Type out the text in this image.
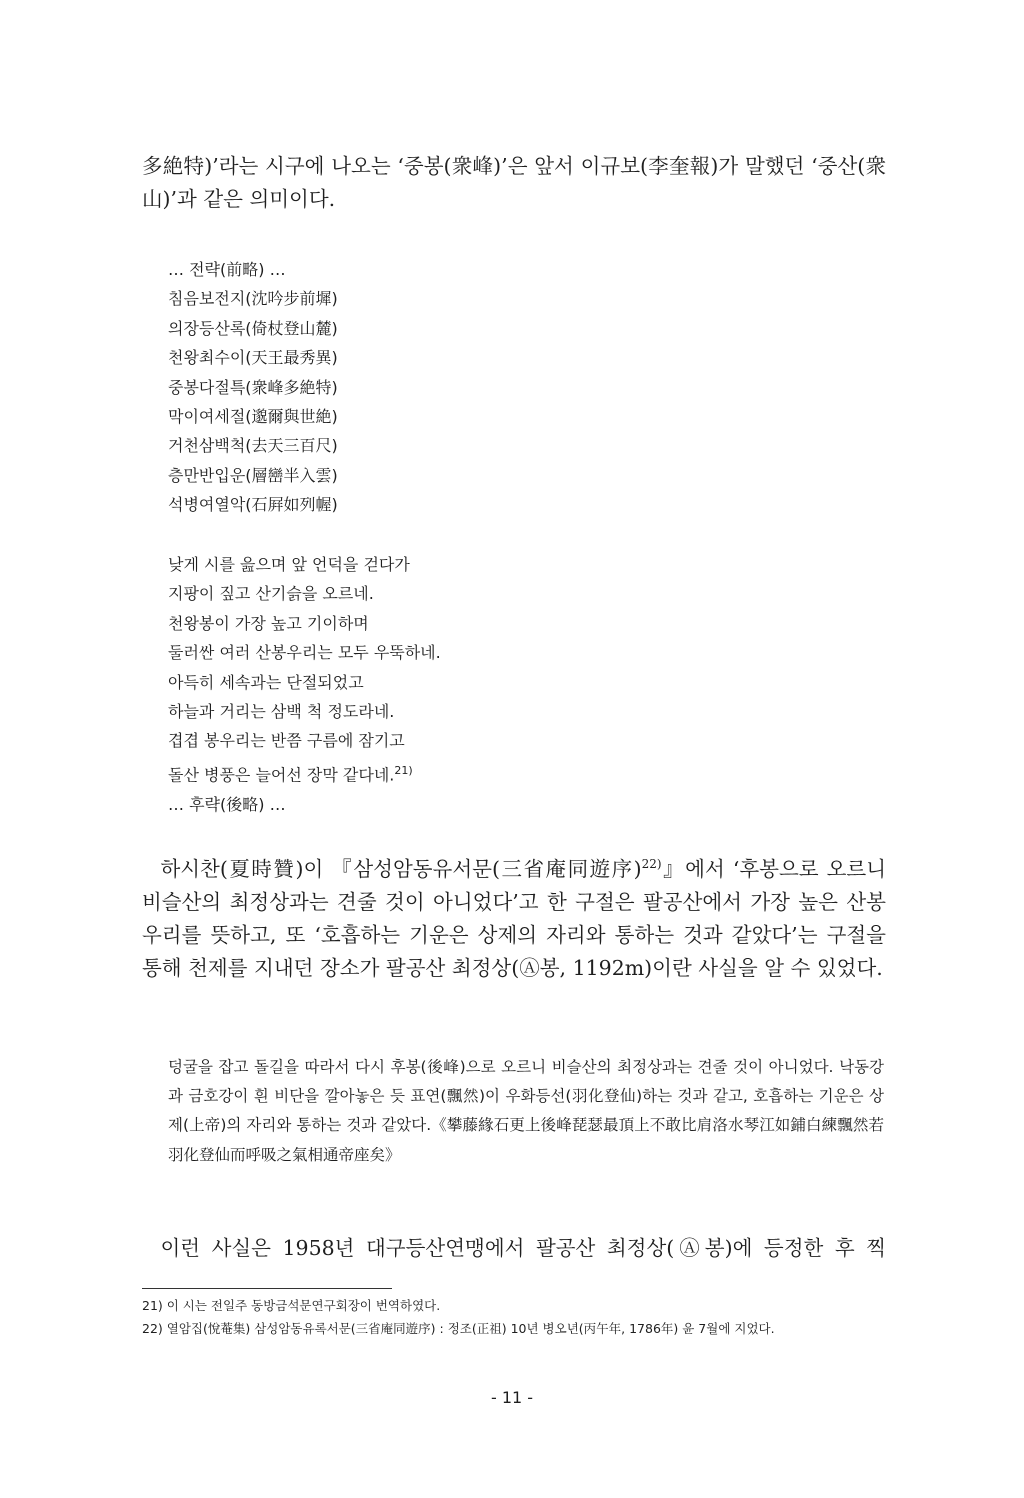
多絶特)’라는 시구에 나오는 ‘중봉(衆峰)’은 앞서 이규보(李奎報)가 말했던 ‘중산(衆山)’과 같은 의미이다.

… 전략(前略) …
침음보전지(沈吟步前墀)
의장등산록(倚杖登山麓)
천왕최수이(天王最秀異)
중봉다절특(衆峰多絶特)
막이여세절(邈爾與世絶)
거천삼백척(去天三百尺)
층만반입운(層巒半入雲)
석병여열악(石屛如列幄)
낮게 시를 읊으며 앞 언덕을 걷다가
지팡이 짚고 산기슭을 오르네.
천왕봉이 가장 높고 기이하며
둘러싼 여러 산봉우리는 모두 우뚝하네.
아득히 세속과는 단절되었고
하늘과 거리는 삼백 척 정도라네.
겹겹 봉우리는 반쯤 구름에 잠기고
돌산 병풍은 늘어선 장막 같다네.$^{21)}$
… 후략(後略) …

하시찬(夏時贊)이 『삼성암동유서문(三省庵同遊序)$^{22)}$』에서 ‘후봉으로 오르니 비슬산의 최정상과는 견줄 것이 아니었다’고 한 구절은 팔공산에서 가장 높은 산봉우리를 뜻하고, 또 ‘호흡하는 기운은 상제의 자리와 통하는 것과 같았다’는 구절을 통해 천제를 지내던 장소가 팔공산 최정상(Ⓐ봉, 1192m)이란 사실을 알 수 있었다.

덩굴을 잡고 돌길을 따라서 다시 후봉(後峰)으로 오르니 비슬산의 최정상과는 견줄 것이 아니었다. 낙동강과 금호강이 흰 비단을 깔아놓은 듯 표연(飄然)이 우화등선(羽化登仙)하는 것과 같고, 호흡하는 기운은 상제(上帝)의 자리와 통하는 것과 같았다.《攀藤緣石更上後峰琵瑟最頂上不敢比肩洛水琴江如鋪白練飄然若羽化登仙而呼吸之氣相通帝座矣》

이런 사실은 1958년 대구등산연맹에서 팔공산 최정상(Ⓐ봉)에 등정한 후 찍

21) 이 시는 전일주 동방금석문연구회장이 번역하였다.

22) 열암집(悅菴集) 삼성암동유록서문(三省庵同遊序) : 정조(正祖) 10년 병오년(丙午年, 1786年) 윤 7월에 지었다.

- 11 -
